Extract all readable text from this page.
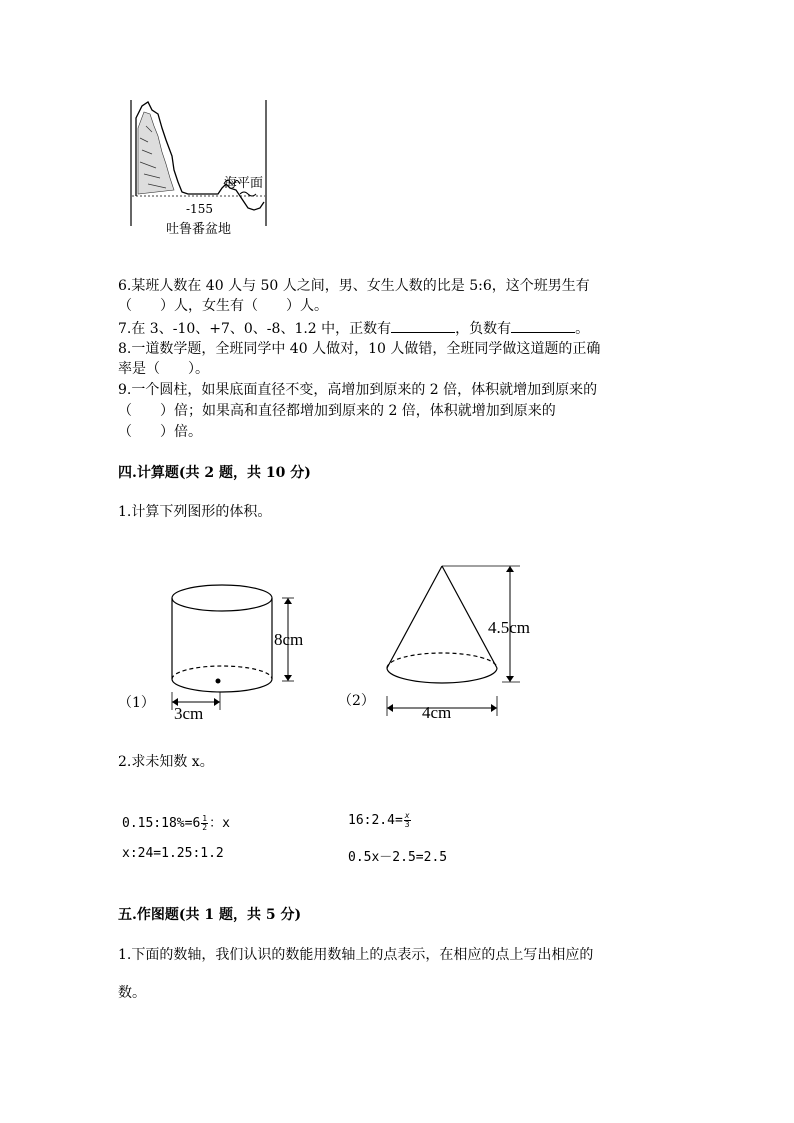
海平面
-155
吐鲁番盆地
6.某班人数在 40 人与 50 人之间，男、女生人数的比是 5:6，这个班男生有
（　　）人，女生有（　　）人。
7.在 3、-10、+7、0、-8、1.2 中，正数有	，负数有	。
8.一道数学题，全班同学中 40 人做对，10 人做错，全班同学做这道题的正确
率是（　　）。
9.一个圆柱，如果底面直径不变，高增加到原来的 2 倍，体积就增加到原来的
（　　）倍；如果高和直径都增加到原来的 2 倍，体积就增加到原来的
（　　）倍。
四.计算题(共 2 题，共 10 分)
1.计算下列图形的体积。
（1）
8cm
3cm
（2）
4.5cm
4cm
2.求未知数 x。
0.15:18%=6 $\frac{1}{2}$ ：x	16:2.4= $\frac{x}{3}$
x:24=1.25:1.2	0.5x－2.5=2.5
五.作图题(共 1 题，共 5 分)
1.下面的数轴，我们认识的数能用数轴上的点表示，在相应的点上写出相应的
数。
